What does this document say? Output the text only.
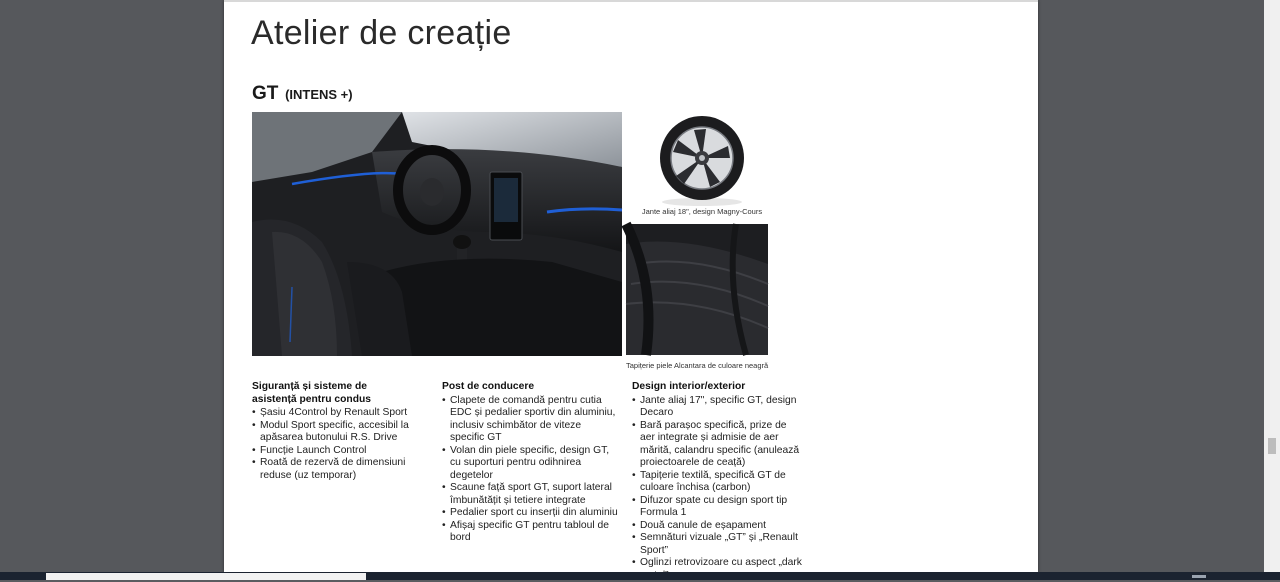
Atelier de creație
GT (INTENS +)
Jante aliaj 18", design Magny-Cours
Tapițerie piele Alcantara de culoare neagră
Siguranță și sisteme de asistență pentru condus
• Șasiu 4Control by Renault Sport
• Modul Sport specific, accesibil la apăsarea butonului R.S. Drive
• Funcție Launch Control
• Roată de rezervă de dimensiuni reduse (uz temporar)
Post de conducere
• Clapete de comandă pentru cutia EDC și pedalier sportiv din aluminiu, inclusiv schimbător de viteze specific GT
• Volan din piele specific, design GT, cu suporturi pentru odihnirea degetelor
• Scaune față sport GT, suport lateral îmbunătățit și tetiere integrate
• Pedalier sport cu inserții din aluminiu
• Afișaj specific GT pentru tabloul de bord
Design interior/exterior
• Jante aliaj 17", specific GT, design Decaro
• Bară parașoc specifică, prize de aer integrate și admisie de aer mărită, calandru specific (anulează proiectoarele de ceață)
• Tapițerie textilă, specifică GT de culoare închisa (carbon)
• Difuzor spate cu design sport tip Formula 1
• Două canule de eșapament
• Semnături vizuale „GT” și „Renault Sport”
• Oglinzi retrovizoare cu aspect „dark
